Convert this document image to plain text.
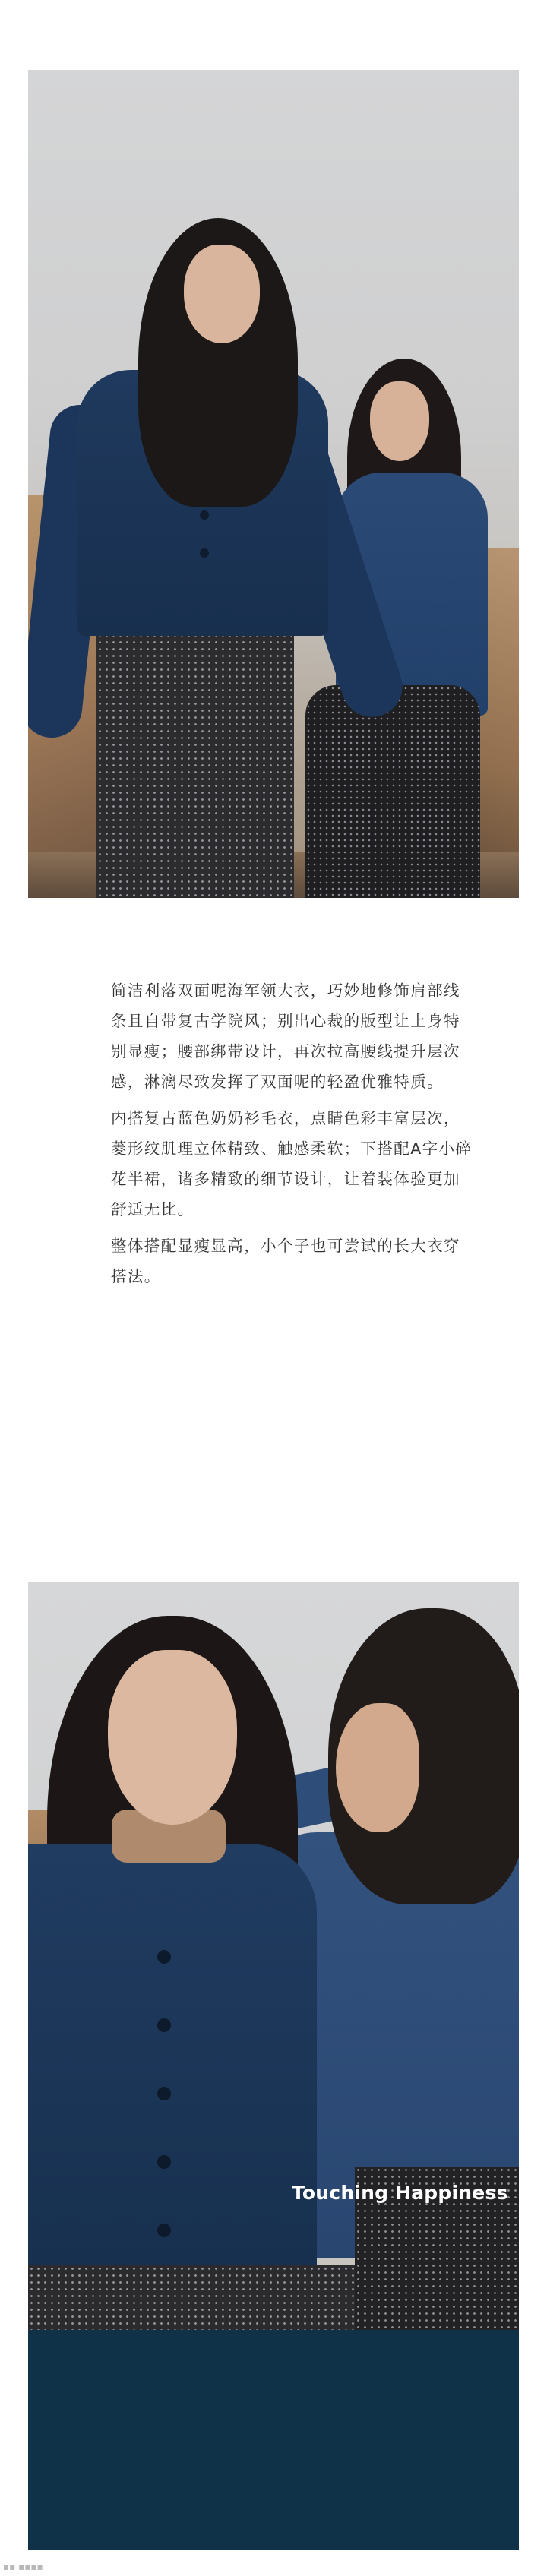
简洁利落双面呢海军领大衣，巧妙地修饰肩部线条且自带复古学院风；别出心裁的版型让上身特别显瘦；腰部绑带设计，再次拉高腰线提升层次感，淋漓尽致发挥了双面呢的轻盈优雅特质。

内搭复古蓝色奶奶衫毛衣，点睛色彩丰富层次，菱形纹肌理立体精致、触感柔软；下搭配A字小碎花半裙，诸多精致的细节设计，让着装体验更加舒适无比。

整体搭配显瘦显高，小个子也可尝试的长大衣穿搭法。

Touching Happiness
▪▪ ▪▪▪▪
